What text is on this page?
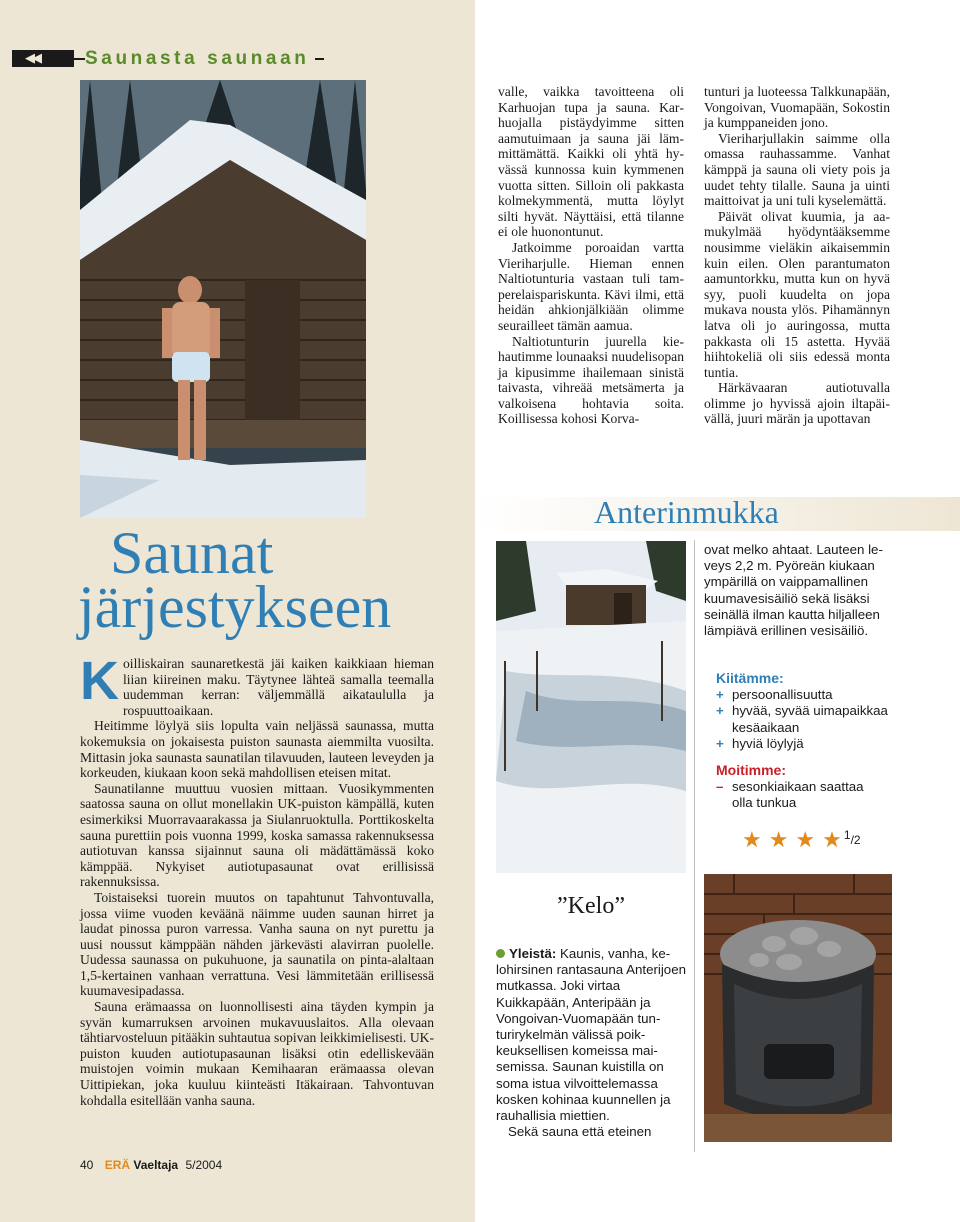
◀◀ Saunasta saunaan
Saunat
järjestykseen

Koilliskairan saunaretkestä jäi kaiken kaikkiaan hieman liian kiireinen maku. Täytynee lähteä samalla teemalla uudemman kerran: väljemmällä aikataululla ja rospuuttoaikaan.

Heitimme löylyä siis lopulta vain neljässä saunassa, mutta kokemuksia on jokaisesta puiston saunasta aiemmilta vuosilta. Mittasin joka saunasta saunatilan tilavuuden, lauteen leveyden ja korkeuden, kiukaan koon sekä mahdollisen eteisen mitat.

Saunatilanne muuttuu vuosien mittaan. Vuosikymmenten saatossa sauna on ollut monellakin UK-puiston kämpällä, kuten esimerkiksi Muorravaarakassa ja Siulanruoktulla. Porttikoskelta sauna purettiin pois vuonna 1999, koska samassa rakennuksessa autiotuvan kanssa sijainnut sauna oli mädättämässä koko kämppää. Nykyiset autiotupasaunat ovat erillisissä rakennuksissa.

Toistaiseksi tuorein muutos on tapahtunut Tahvontuvalla, jossa viime vuoden keväänä näimme uuden saunan hirret ja laudat pinossa puron varressa. Vanha sauna on nyt purettu ja uusi noussut kämppään nähden järkevästi alavirran puolelle. Uudessa saunassa on pukuhuone, ja saunatila on pinta-alaltaan 1,5-kertainen vanhaan verrattuna. Vesi lämmitetään erillisessä kuumavesipadassa.

Sauna erämaassa on luonnollisesti aina täyden kympin ja syvän kumarruksen arvoinen mukavuuslaitos. Alla olevaan tähtiarvosteluun pitääkin suhtautua sopivan leikkimielisesti. UK-puiston kuuden autiotupasaunan lisäksi otin edelliskevään muistojen voimin mukaan Kemihaaran erämaassa olevan Uittipiekan, joka kuuluu kiinteästi Itäkairaan. Tahvontuvan kohdalla esitellään vanha sauna.

valle, vaikka tavoitteena oli Karhuojan tupa ja sauna. Karhuojalla pistäydyimme sitten aamutuimaan ja sauna jäi lämmittämättä. Kaikki oli yhtä hyvässä kunnossa kuin kymmenen vuotta sitten. Silloin oli pakkasta kolmekymmentä, mutta löylyt silti hyvät. Näyttäisi, että tilanne ei ole huonontunut.

Jatkoimme poroaidan vartta Vieriharjulle. Hieman ennen Naltiotunturia vastaan tuli tamperelaispariskunta. Kävi ilmi, että heidän ahkionjälkiään olimme seurailleet tämän aamua.

Naltiotunturin juurella kiehautimme lounaaksi nuudelisopan ja kipusimme ihailemaan sinistä taivasta, vihreää metsämerta ja valkoisena hohtavia soita. Koillisessa kohosi Korva-

tunturi ja luoteessa Talkkunapään, Vongoivan, Vuomapään, Sokostin ja kumppaneiden jono.

Vieriharjullakin saimme olla omassa rauhassamme. Vanhat kämppä ja sauna oli viety pois ja uudet tehty tilalle. Sauna ja uinti maittoivat ja uni tuli kyselemättä.

Päivät olivat kuumia, ja aamukylmää hyödyntääksemme nousimme vieläkin aikaisemmin kuin eilen. Olen parantumaton aamuntorkku, mutta kun on hyvä syy, puoli kuudelta on jopa mukava nousta ylös. Pihamännyn latva oli jo auringossa, mutta pakkasta oli 15 astetta. Hyvää hiihtokeliä oli siis edessä monta tuntia.

Härkävaaran autiotuvalla olimme jo hyvissä ajoin iltapäivällä, juuri märän ja upottavan

Anterinmukka
”Kelo”

Yleistä: Kaunis, vanha, kelohirsinen rantasauna Anterijoen mutkassa. Joki virtaa Kuikkapään, Anteripään ja Vongoivan-Vuomapään tunturirykelmän välissä poikkeuksellisen komeissa maisemissa. Saunan kuistilla on soma istua vilvoittelemassa kosken kohinaa kuunnellen ja rauhallisia miettien.

Sekä sauna että eteinen

ovat melko ahtaat. Lauteen leveys 2,2 m. Pyöreän kiukaan ympärillä on vaippamallinen kuumavesisäiliö sekä lisäksi seinällä ilman kautta hiljalleen lämpiävä erillinen vesisäiliö.
Kiitämme:
+ persoonallisuutta
+ hyvää, syvää uimapaikkaa kesäaikaan
+ hyviä löylyjä
Moitimme:
– sesonkiaikaan saattaa olla tunkua
★ ★ ★ ★ $^1$/2
40 ERÄ Vaeltaja 5/2004
